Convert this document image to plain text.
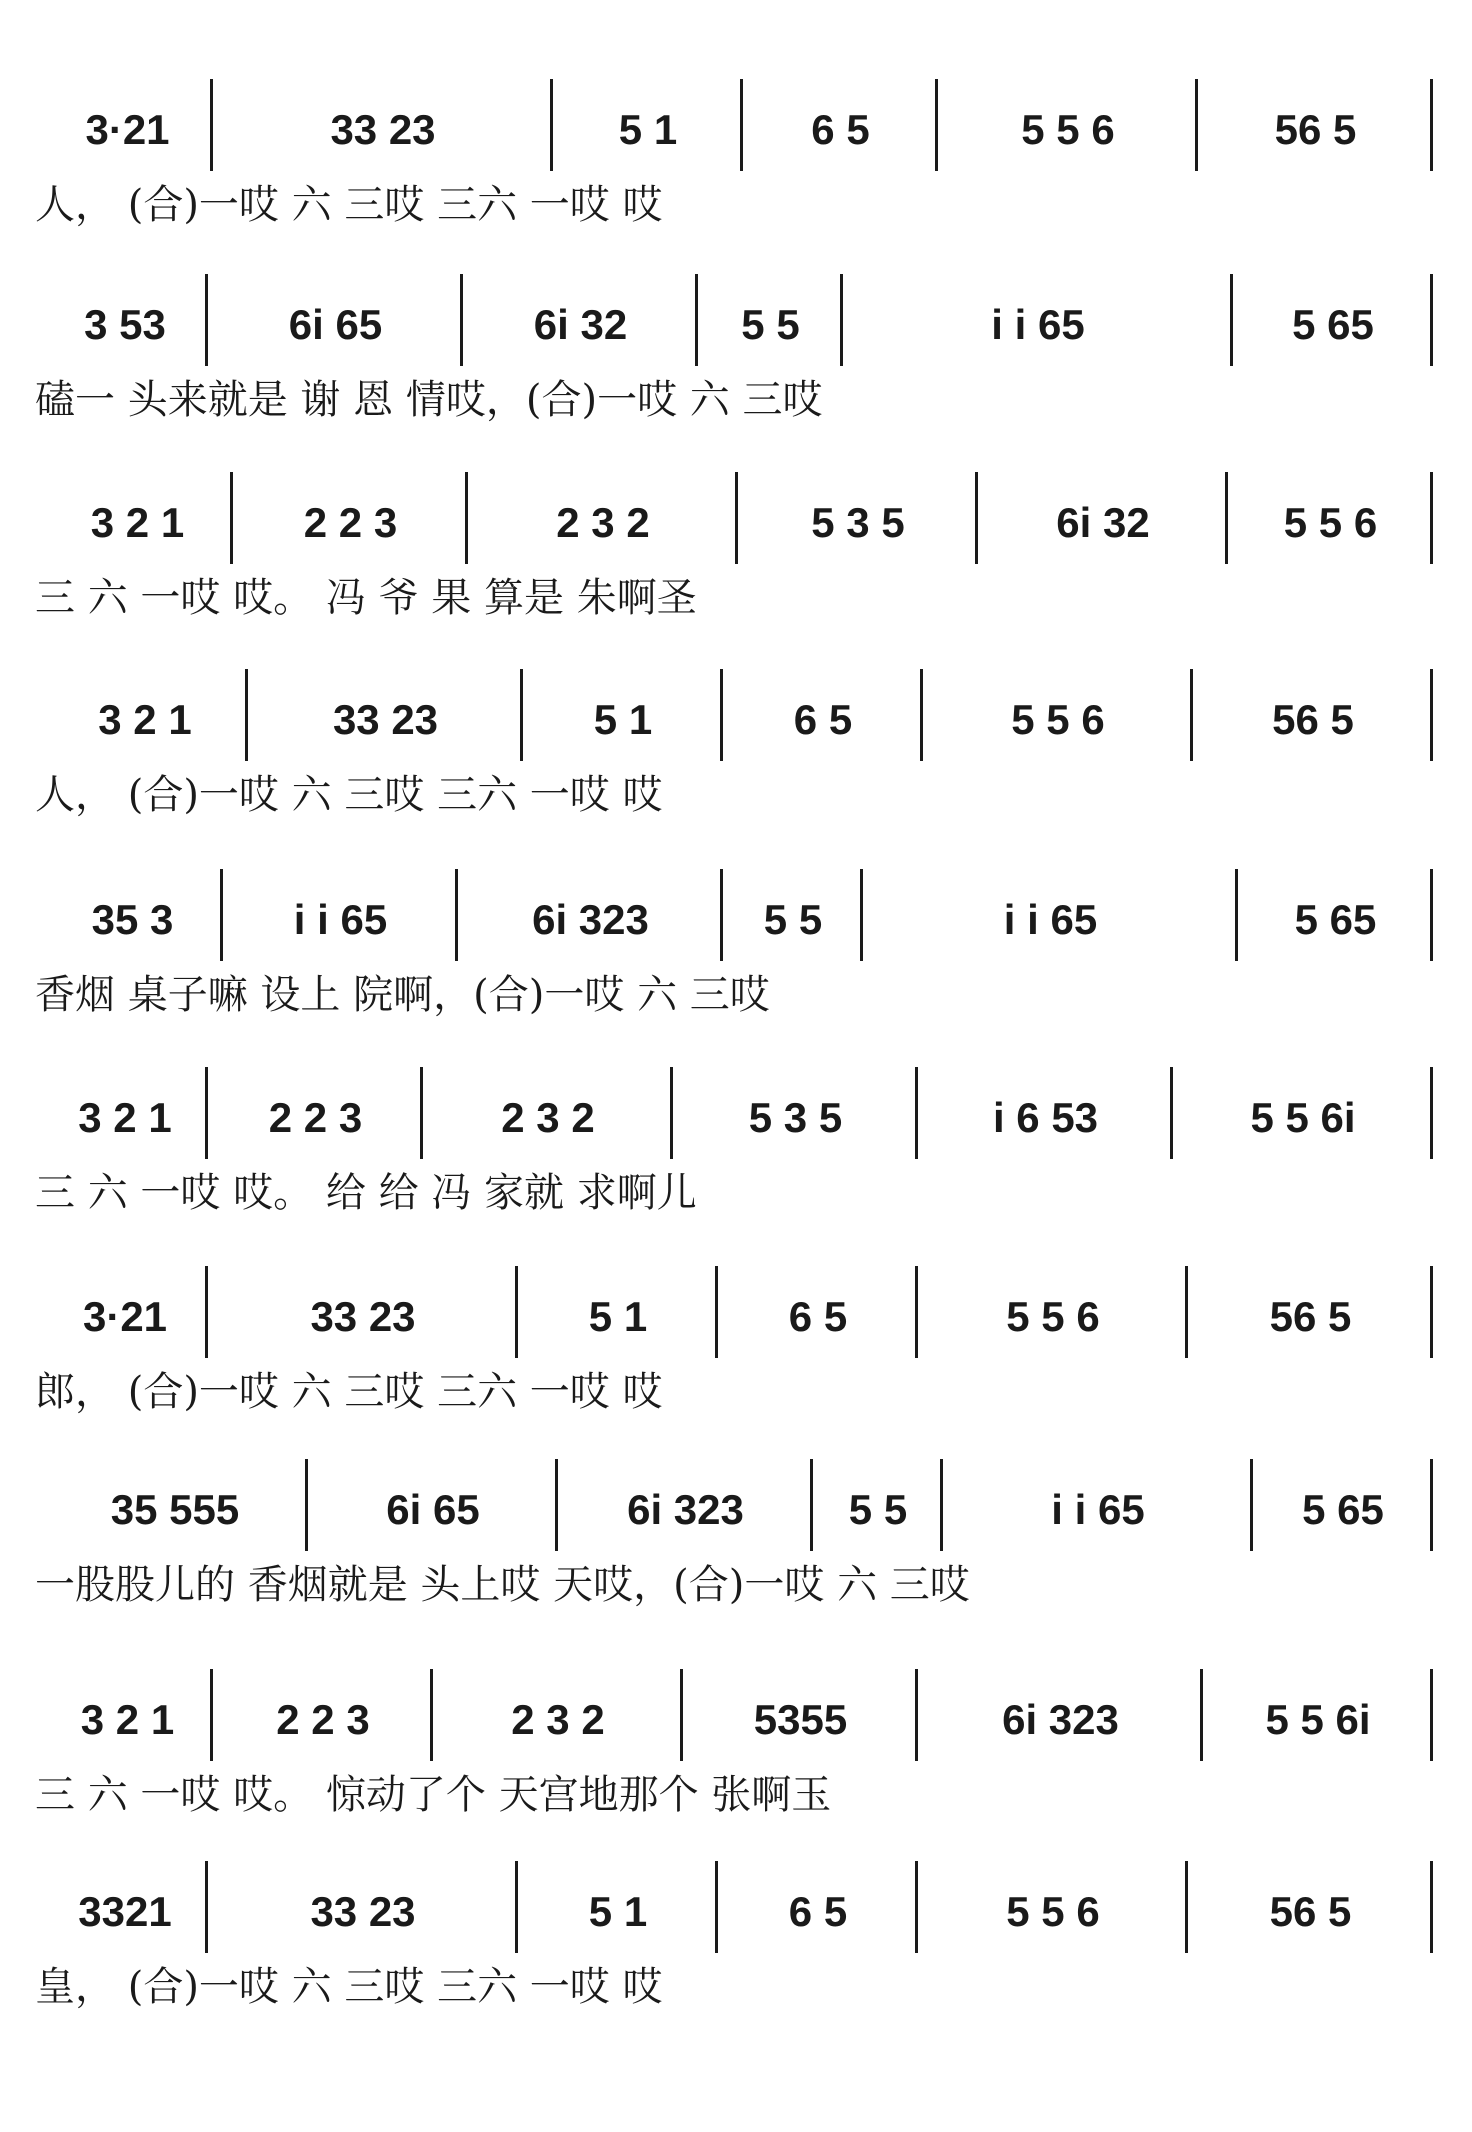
3·21	33 23	5 1	6 5	5 5 6	56 5
人， (合)一哎 六 三哎 三六 一哎 哎
3 53	6i 65	6i 32	5 5	i i 65	5 65
磕一 头来就是 谢 恩 情哎，(合)一哎 六 三哎
3 2 1	2 2 3	2 3 2	5 3 5	6i 32	5 5 6
三 六 一哎 哎。 冯 爷 果 算是 朱啊圣
3 2 1	33 23	5 1	6 5	5 5 6	56 5
人， (合)一哎 六 三哎 三六 一哎 哎
35 3	i i 65	6i 323	5 5	i i 65	5 65
香烟 桌子嘛 设上 院啊，(合)一哎 六 三哎
3 2 1	2 2 3	2 3 2	5 3 5	i 6 53	5 5 6i
三 六 一哎 哎。 给 给 冯 家就 求啊儿
3·21	33 23	5 1	6 5	5 5 6	56 5
郎， (合)一哎 六 三哎 三六 一哎 哎
35 555	6i 65	6i 323	5 5	i i 65	5 65
一股股儿的 香烟就是 头上哎 天哎，(合)一哎 六 三哎
3 2 1	2 2 3	2 3 2	5355	6i 323	5 5 6i
三 六 一哎 哎。 惊动了个 天宫地那个 张啊玉
3321	33 23	5 1	6 5	5 5 6	56 5
皇， (合)一哎 六 三哎 三六 一哎 哎
